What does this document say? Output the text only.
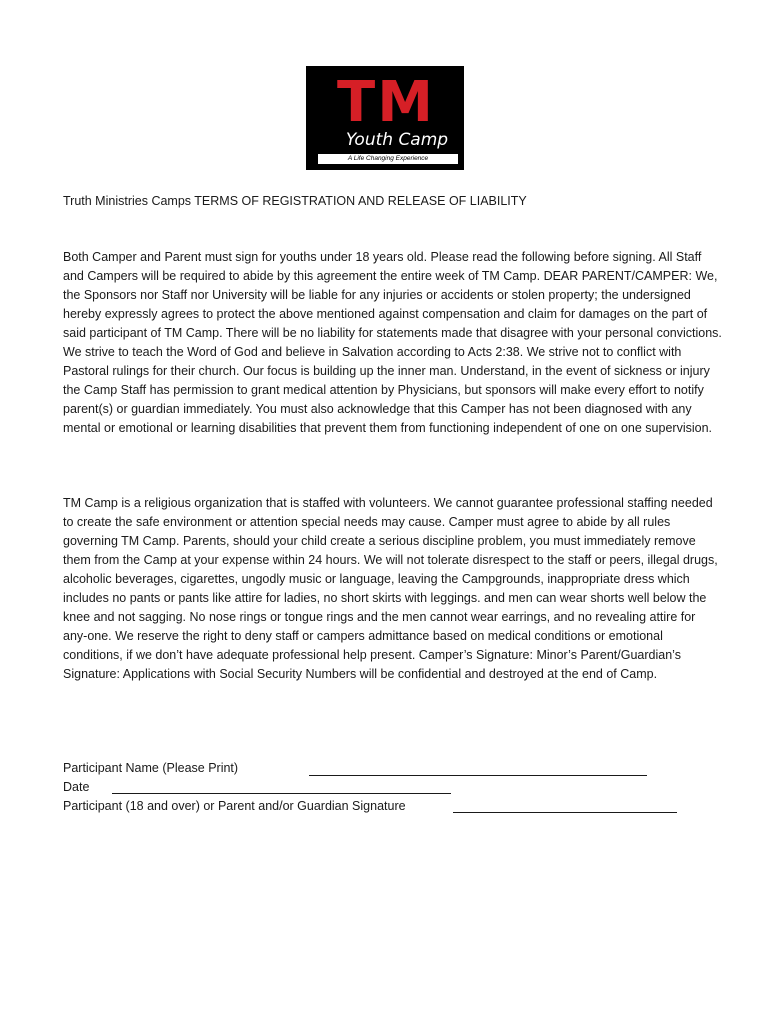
TM
Youth Camp
A Life Changing Experience
Truth Ministries Camps TERMS OF REGISTRATION AND RELEASE OF LIABILITY

Both Camper and Parent must sign for youths under 18 years old. Please read the following before signing. All Staff and Campers will be required to abide by this agreement the entire week of TM Camp. DEAR PARENT/CAMPER: We, the Sponsors nor Staff nor University will be liable for any injuries or accidents or stolen property; the undersigned hereby expressly agrees to protect the above mentioned against compensation and claim for damages on the part of said participant of TM Camp. There will be no liability for statements made that disagree with your personal convictions. We strive to teach the Word of God and believe in Salvation according to Acts 2:38. We strive not to conflict with Pastoral rulings for their church. Our focus is building up the inner man. Understand, in the event of sickness or injury the Camp Staff has permission to grant medical attention by Physicians, but sponsors will make every effort to notify parent(s) or guardian immediately. You must also acknowledge that this Camper has not been diagnosed with any mental or emotional or learning disabilities that prevent them from functioning independent of one on one supervision.

TM Camp is a religious organization that is staffed with volunteers. We cannot guarantee professional staffing needed to create the safe environment or attention special needs may cause. Camper must agree to abide by all rules governing TM Camp. Parents, should your child create a serious discipline problem, you must immediately remove them from the Camp at your expense within 24 hours. We will not tolerate disrespect to the staff or peers, illegal drugs, alcoholic beverages, cigarettes, ungodly music or language, leaving the Campgrounds, inappropriate dress which includes no pants or pants like attire for ladies, no short skirts with leggings. and men can wear shorts well below the knee and not sagging. No nose rings or tongue rings and the men cannot wear earrings, and no revealing attire for any-one. We reserve the right to deny staff or campers admittance based on medical conditions or emotional conditions, if we don’t have adequate professional help present. Camper’s Signature: Minor’s Parent/Guardian’s Signature: Applications with Social Security Numbers will be confidential and destroyed at the end of Camp.

Participant Name (Please Print)
Date
Participant (18 and over) or Parent and/or Guardian Signature
